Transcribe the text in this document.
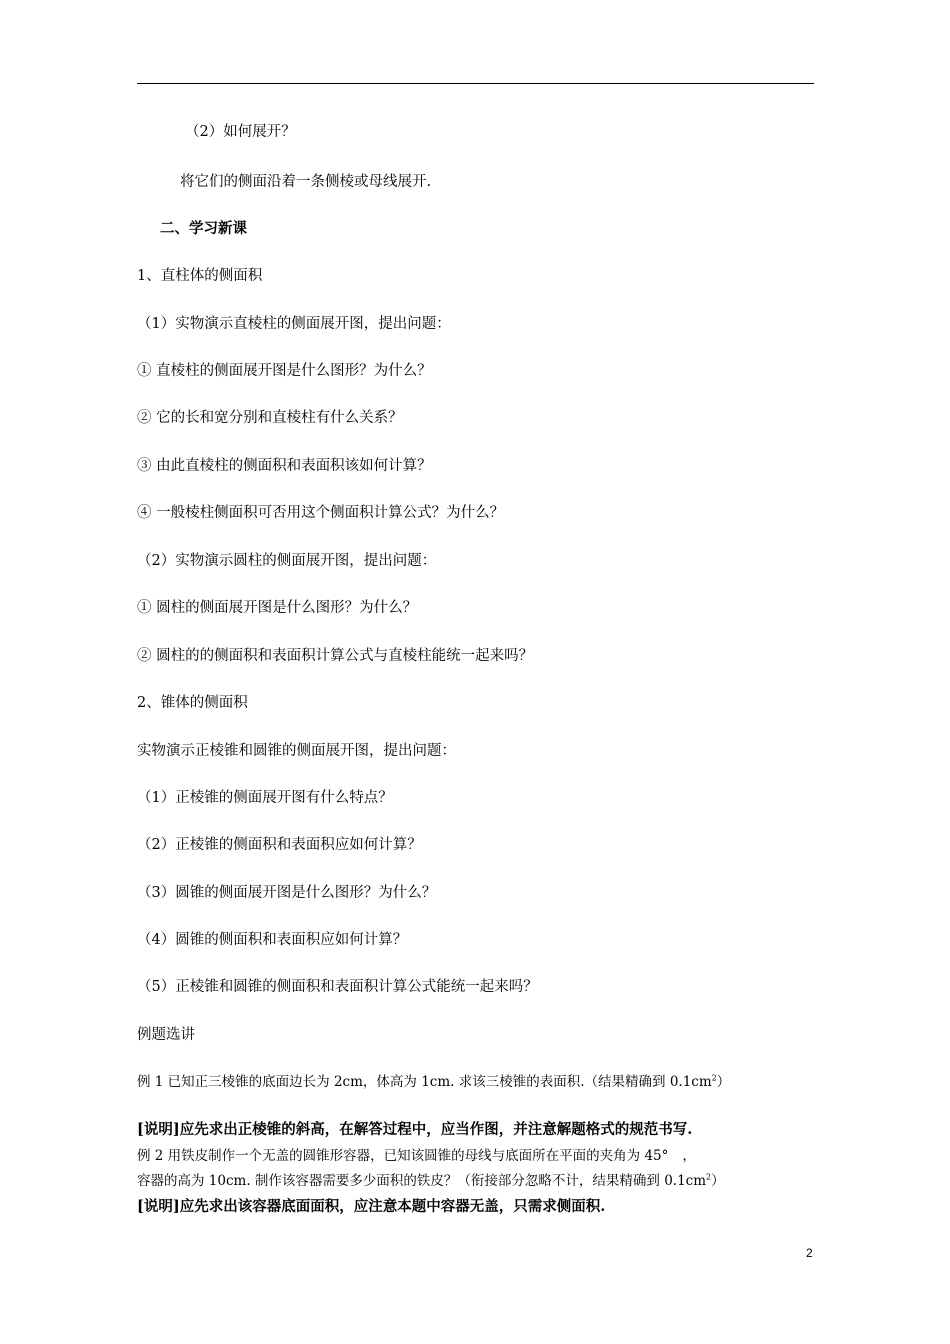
（2）如何展开？
将它们的侧面沿着一条侧棱或母线展开.
二、学习新课
1、直柱体的侧面积
（1）实物演示直棱柱的侧面展开图，提出问题：
① 直棱柱的侧面展开图是什么图形？为什么？
② 它的长和宽分别和直棱柱有什么关系？
③ 由此直棱柱的侧面积和表面积该如何计算？
④ 一般棱柱侧面积可否用这个侧面积计算公式？为什么？
（2）实物演示圆柱的侧面展开图，提出问题：
① 圆柱的侧面展开图是什么图形？为什么？
② 圆柱的的侧面积和表面积计算公式与直棱柱能统一起来吗？
2、锥体的侧面积
实物演示正棱锥和圆锥的侧面展开图，提出问题：
（1）正棱锥的侧面展开图有什么特点？
（2）正棱锥的侧面积和表面积应如何计算？
（3）圆锥的侧面展开图是什么图形？为什么？
（4）圆锥的侧面积和表面积应如何计算？
（5）正棱锥和圆锥的侧面积和表面积计算公式能统一起来吗？
例题选讲
例 1 已知正三棱锥的底面边长为 2cm，体高为 1cm. 求该三棱锥的表面积.（结果精确到 $0.1cm^2$）
[说明]应先求出正棱锥的斜高，在解答过程中，应当作图，并注意解题格式的规范书写.
例 2 用铁皮制作一个无盖的圆锥形容器，已知该圆锥的母线与底面所在平面的夹角为 45° ，
容器的高为 10cm. 制作该容器需要多少面积的铁皮？（衔接部分忽略不计，结果精确到 $0.1cm^2$）
[说明]应先求出该容器底面面积，应注意本题中容器无盖，只需求侧面积.
2
